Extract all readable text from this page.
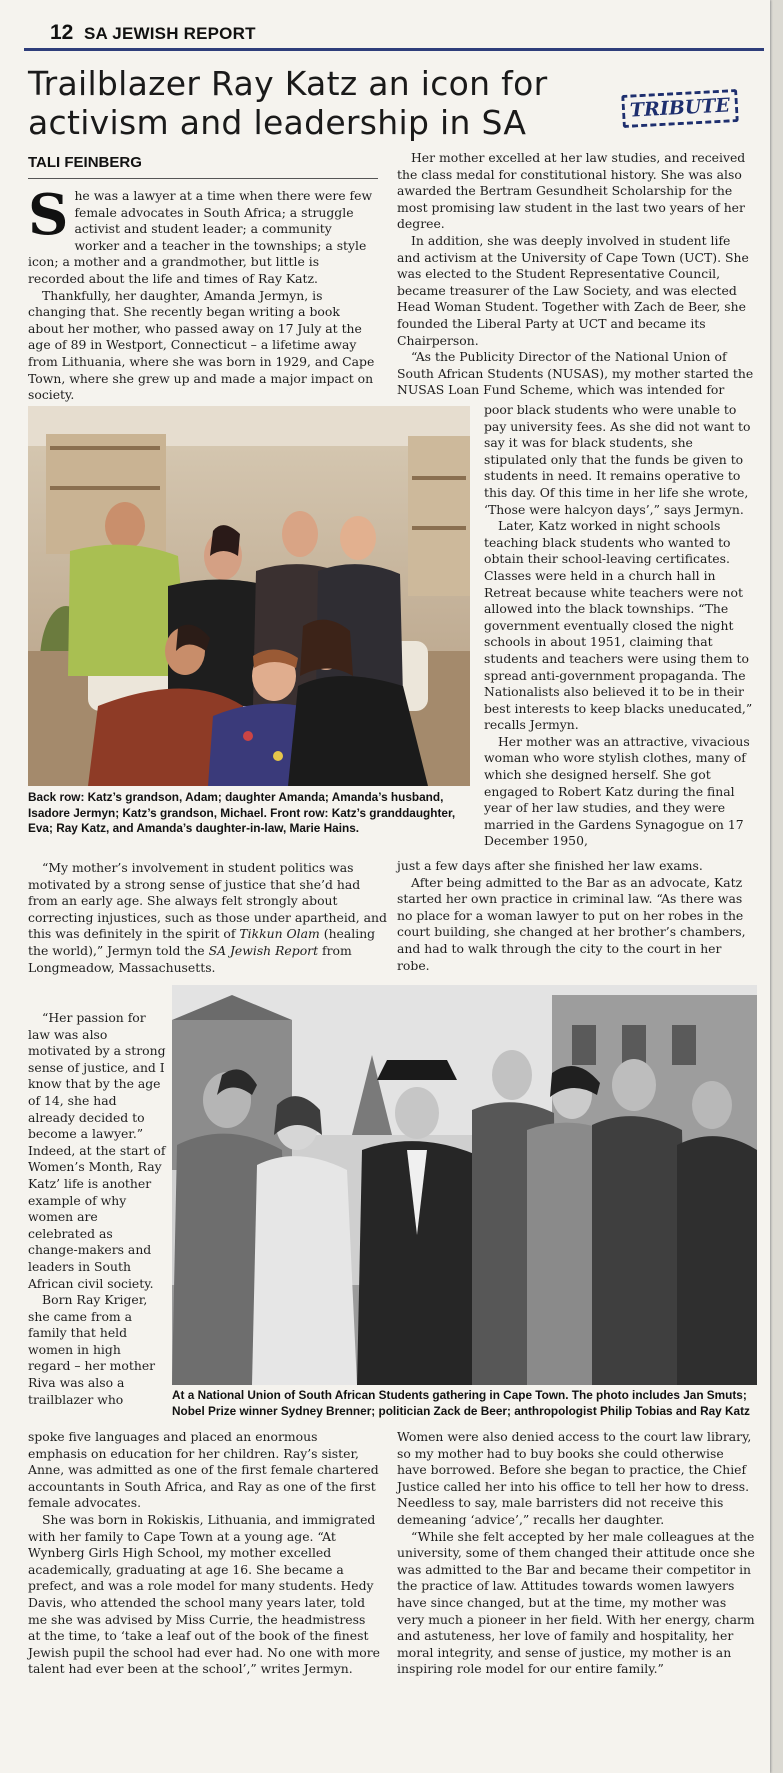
12 SA JEWISH REPORT
Trailblazer Ray Katz an icon for activism and leadership in SA	TRIBUTE
TALI FEINBERG

She was a lawyer at a time when there were few female advocates in South Africa; a struggle activist and student leader; a community worker and a teacher in the townships; a style icon; a mother and a grandmother, but little is recorded about the life and times of Ray Katz.

Thankfully, her daughter, Amanda Jermyn, is changing that. She recently began writing a book about her mother, who passed away on 17 July at the age of 89 in Westport, Connecticut – a lifetime away from Lithuania, where she was born in 1929, and Cape Town, where she grew up and made a major impact on society.

Her mother excelled at her law studies, and received the class medal for constitutional history. She was also awarded the Bertram Gesundheit Scholarship for the most promising law student in the last two years of her degree.

In addition, she was deeply involved in student life and activism at the University of Cape Town (UCT). She was elected to the Student Representative Council, became treasurer of the Law Society, and was elected Head Woman Student. Together with Zach de Beer, she founded the Liberal Party at UCT and became its Chairperson.

“As the Publicity Director of the National Union of South African Students (NUSAS), my mother started the NUSAS Loan Fund Scheme, which was intended for

Back row: Katz’s grandson, Adam; daughter Amanda; Amanda’s husband, Isadore Jermyn; Katz’s grandson, Michael. Front row: Katz’s granddaughter, Eva; Ray Katz, and Amanda’s daughter-in-law, Marie Hains.

poor black students who were unable to pay university fees. As she did not want to say it was for black students, she stipulated only that the funds be given to students in need. It remains operative to this day. Of this time in her life she wrote, ‘Those were halcyon days’,” says Jermyn.

Later, Katz worked in night schools teaching black students who wanted to obtain their school-leaving certificates. Classes were held in a church hall in Retreat because white teachers were not allowed into the black townships. “The government eventually closed the night schools in about 1951, claiming that students and teachers were using them to spread anti-government propaganda. The Nationalists also believed it to be in their best interests to keep blacks uneducated,” recalls Jermyn.

Her mother was an attractive, vivacious woman who wore stylish clothes, many of which she designed herself. She got engaged to Robert Katz during the final year of her law studies, and they were married in the Gardens Synagogue on 17 December 1950,

“My mother’s involvement in student politics was motivated by a strong sense of justice that she’d had from an early age. She always felt strongly about correcting injustices, such as those under apartheid, and this was definitely in the spirit of Tikkun Olam (healing the world),” Jermyn told the SA Jewish Report from Longmeadow, Massachusetts.

just a few days after she finished her law exams.

After being admitted to the Bar as an advocate, Katz started her own practice in criminal law. “As there was no place for a woman lawyer to put on her robes in the court building, she changed at her brother’s chambers, and had to walk through the city to the court in her robe.

“Her passion for law was also motivated by a strong sense of justice, and I know that by the age of 14, she had already decided to become a lawyer.” Indeed, at the start of Women’s Month, Ray Katz’ life is another example of why women are celebrated as change-makers and leaders in South African civil society.

Born Ray Kriger, she came from a family that held women in high regard – her mother Riva was also a trailblazer who	At a National Union of South African Students gathering in Cape Town. The photo includes Jan Smuts; Nobel Prize winner Sydney Brenner; politician Zack de Beer; anthropologist Philip Tobias and Ray Katz

spoke five languages and placed an enormous emphasis on education for her children. Ray’s sister, Anne, was admitted as one of the first female chartered accountants in South Africa, and Ray as one of the first female advocates.

She was born in Rokiskis, Lithuania, and immigrated with her family to Cape Town at a young age. “At Wynberg Girls High School, my mother excelled academically, graduating at age 16. She became a prefect, and was a role model for many students. Hedy Davis, who attended the school many years later, told me she was advised by Miss Currie, the headmistress at the time, to ‘take a leaf out of the book of the finest Jewish pupil the school had ever had. No one with more talent had ever been at the school’,” writes Jermyn.

Women were also denied access to the court law library, so my mother had to buy books she could otherwise have borrowed. Before she began to practice, the Chief Justice called her into his office to tell her how to dress. Needless to say, male barristers did not receive this demeaning ‘advice’,” recalls her daughter.

“While she felt accepted by her male colleagues at the university, some of them changed their attitude once she was admitted to the Bar and became their competitor in the practice of law. Attitudes towards women lawyers have since changed, but at the time, my mother was very much a pioneer in her field. With her energy, charm and astuteness, her love of family and hospitality, her moral integrity, and sense of justice, my mother is an inspiring role model for our entire family.”
